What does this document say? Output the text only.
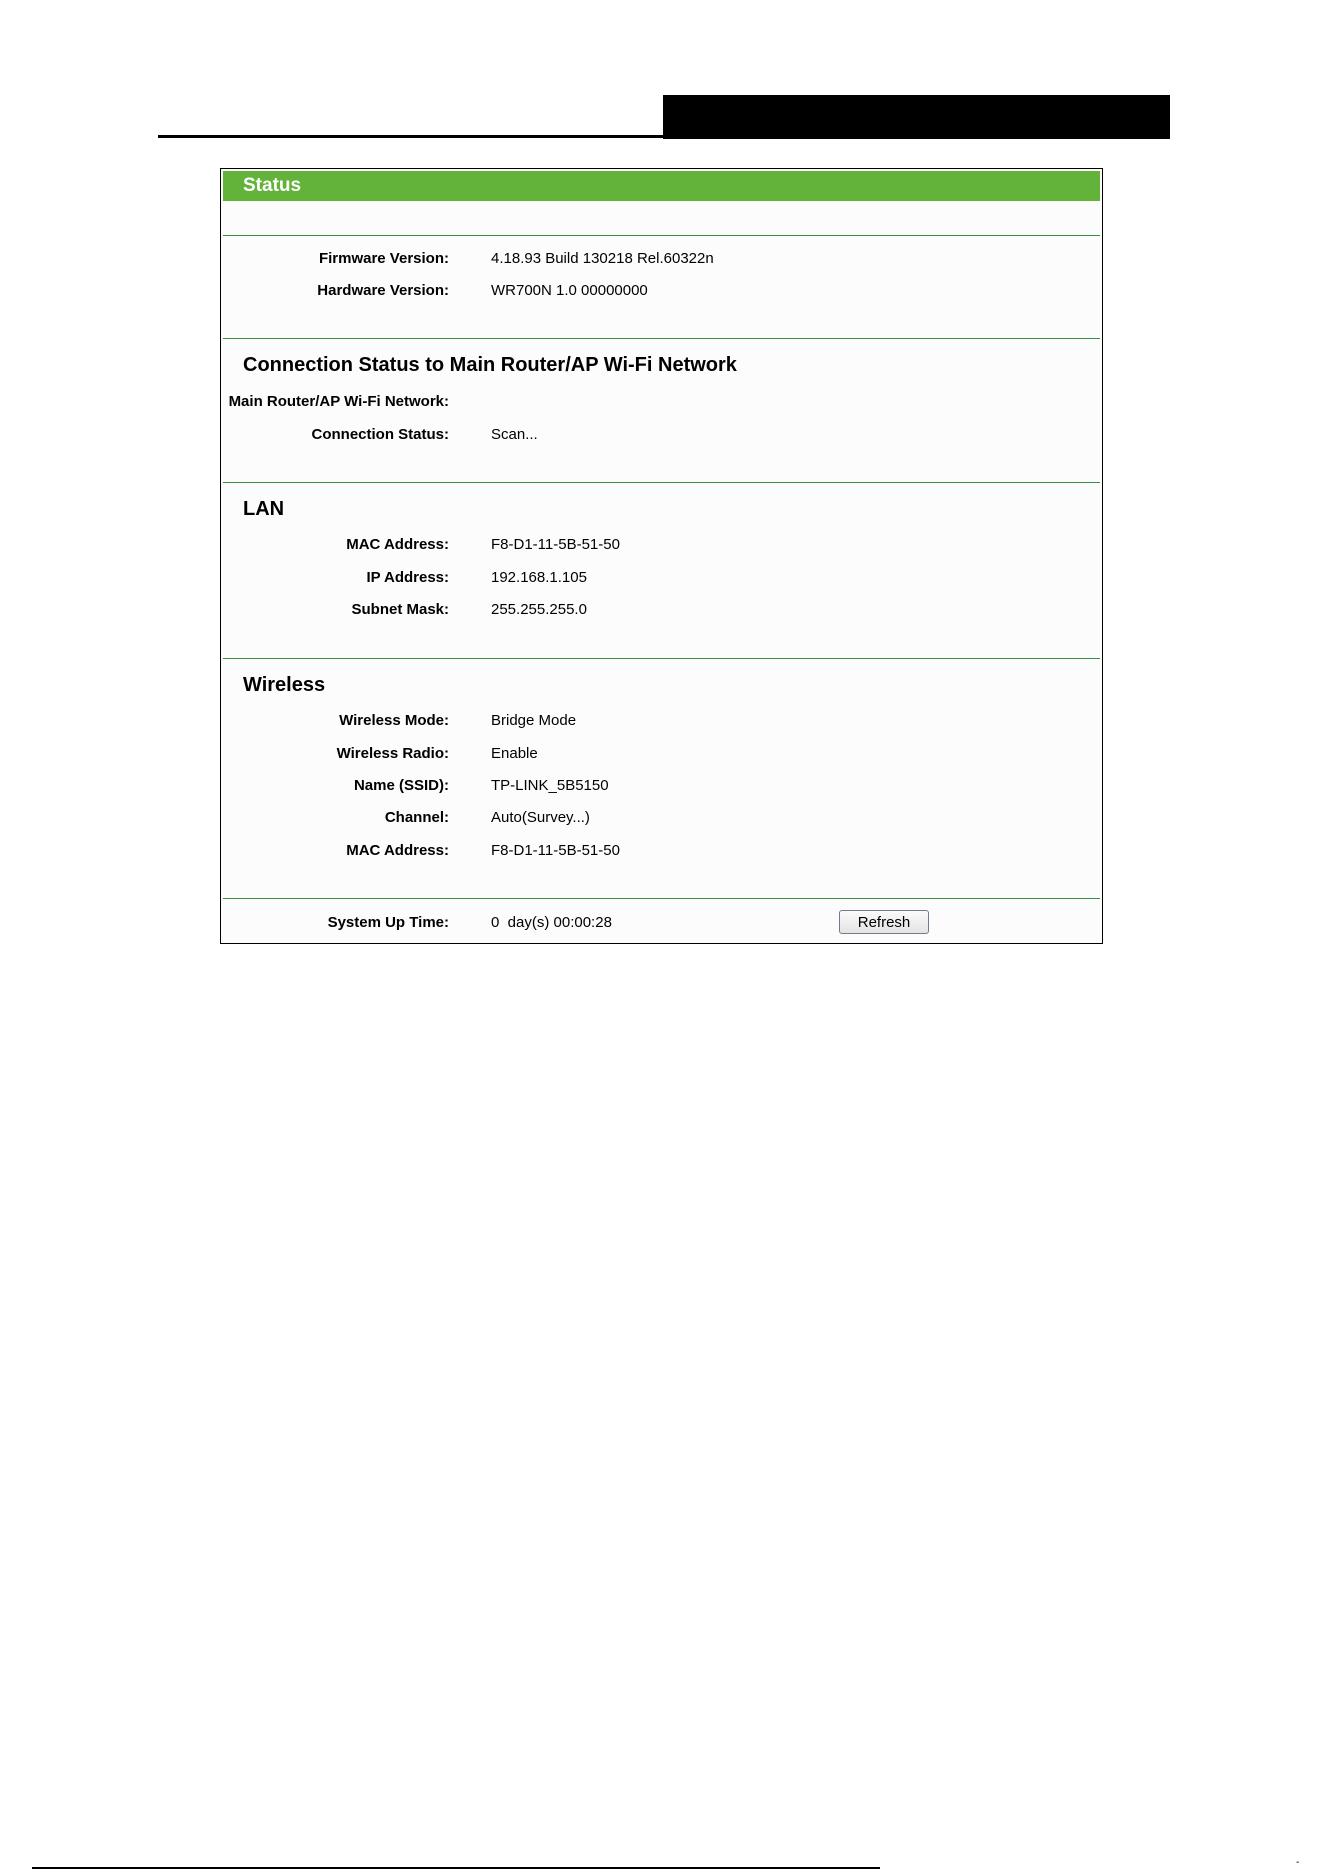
Status
Firmware Version:	4.18.93 Build 130218 Rel.60322n
Hardware Version:	WR700N 1.0 00000000
Connection Status to Main Router/AP Wi-Fi Network
Main Router/AP Wi-Fi Network:
Connection Status:	Scan...
LAN
MAC Address:	F8-D1-11-5B-51-50
IP Address:	192.168.1.105
Subnet Mask:	255.255.255.0
Wireless
Wireless Mode:	Bridge Mode
Wireless Radio:	Enable
Name (SSID):	TP-LINK_5B5150
Channel:	Auto(Survey...)
MAC Address:	F8-D1-11-5B-51-50
System Up Time:	0  day(s) 00:00:28	Refresh
-
